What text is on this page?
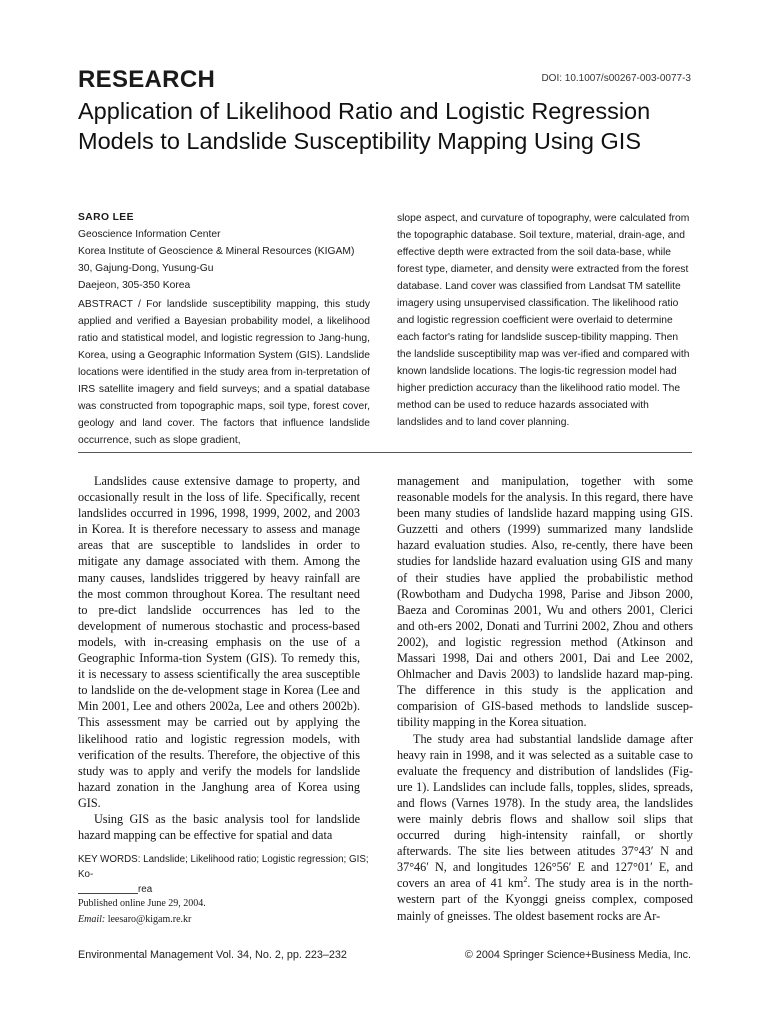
RESEARCH	DOI: 10.1007/s00267-003-0077-3
Application of Likelihood Ratio and Logistic Regression Models to Landslide Susceptibility Mapping Using GIS
SARO LEE
Geoscience Information Center
Korea Institute of Geoscience & Mineral Resources (KIGAM)
30, Gajung-Dong, Yusung-Gu
Daejeon, 305-350 Korea
ABSTRACT / For landslide susceptibility mapping, this study applied and verified a Bayesian probability model, a likelihood ratio and statistical model, and logistic regression to Jang-hung, Korea, using a Geographic Information System (GIS). Landslide locations were identified in the study area from in-terpretation of IRS satellite imagery and field surveys; and a spatial database was constructed from topographic maps, soil type, forest cover, geology and land cover. The factors that influence landslide occurrence, such as slope gradient,
slope aspect, and curvature of topography, were calculated from the topographic database. Soil texture, material, drain-age, and effective depth were extracted from the soil data-base, while forest type, diameter, and density were extracted from the forest database. Land cover was classified from Landsat TM satellite imagery using unsupervised classification. The likelihood ratio and logistic regression coefficient were overlaid to determine each factor's rating for landslide suscep-tibility mapping. Then the landslide susceptibility map was ver-ified and compared with known landslide locations. The logis-tic regression model had higher prediction accuracy than the likelihood ratio model. The method can be used to reduce hazards associated with landslides and to land cover planning.

Landslides cause extensive damage to property, and occasionally result in the loss of life. Specifically, recent landslides occurred in 1996, 1998, 1999, 2002, and 2003 in Korea. It is therefore necessary to assess and manage areas that are susceptible to landslides in order to mitigate any damage associated with them. Among the many causes, landslides triggered by heavy rainfall are the most common throughout Korea. The resultant need to pre-dict landslide occurrences has led to the development of numerous stochastic and process-based models, with in-creasing emphasis on the use of a Geographic Informa-tion System (GIS). To remedy this, it is necessary to assess scientifically the area susceptible to landslide on the de-velopment stage in Korea (Lee and Min 2001, Lee and others 2002a, Lee and others 2002b). This assessment may be carried out by applying the likelihood ratio and logistic regression models, with verification of the results. Therefore, the objective of this study was to apply and verify the models for landslide hazard zonation in the Janghung area of Korea using GIS.

Using GIS as the basic analysis tool for landslide hazard mapping can be effective for spatial and data

management and manipulation, together with some reasonable models for the analysis. In this regard, there have been many studies of landslide hazard mapping using GIS. Guzzetti and others (1999) summarized many landslide hazard evaluation studies. Also, re-cently, there have been studies for landslide hazard evaluation using GIS and many of their studies have applied the probabilistic method (Rowbotham and Dudycha 1998, Parise and Jibson 2000, Baeza and Corominas 2001, Wu and others 2001, Clerici and oth-ers 2002, Donati and Turrini 2002, Zhou and others 2002), and logistic regression method (Atkinson and Massari 1998, Dai and others 2001, Dai and Lee 2002, Ohlmacher and Davis 2003) to landslide hazard map-ping. The difference in this study is the application and comparision of GIS-based methods to landslide suscep-tibility mapping in the Korea situation.

The study area had substantial landslide damage after heavy rain in 1998, and it was selected as a suitable case to evaluate the frequency and distribution of landslides (Fig-ure 1). Landslides can include falls, topples, slides, spreads, and flows (Varnes 1978). In the study area, the landslides were mainly debris flows and shallow soil slips that occurred during high-intensity rainfall, or shortly afterwards. The site lies between atitudes 37°43′ N and 37°46′ N, and longitudes 126°56′ E and 127°01′ E, and covers an area of 41 $km^2$. The study area is in the north-western part of the Kyonggi gneiss complex, composed mainly of gneisses. The oldest basement rocks are Ar-

KEY WORDS: Landslide; Likelihood ratio; Logistic regression; GIS; Ko-
rea
Published online June 29, 2004.
Email: leesaro@kigam.re.kr
Environmental Management Vol. 34, No. 2, pp. 223–232	© 2004 Springer Science+Business Media, Inc.
